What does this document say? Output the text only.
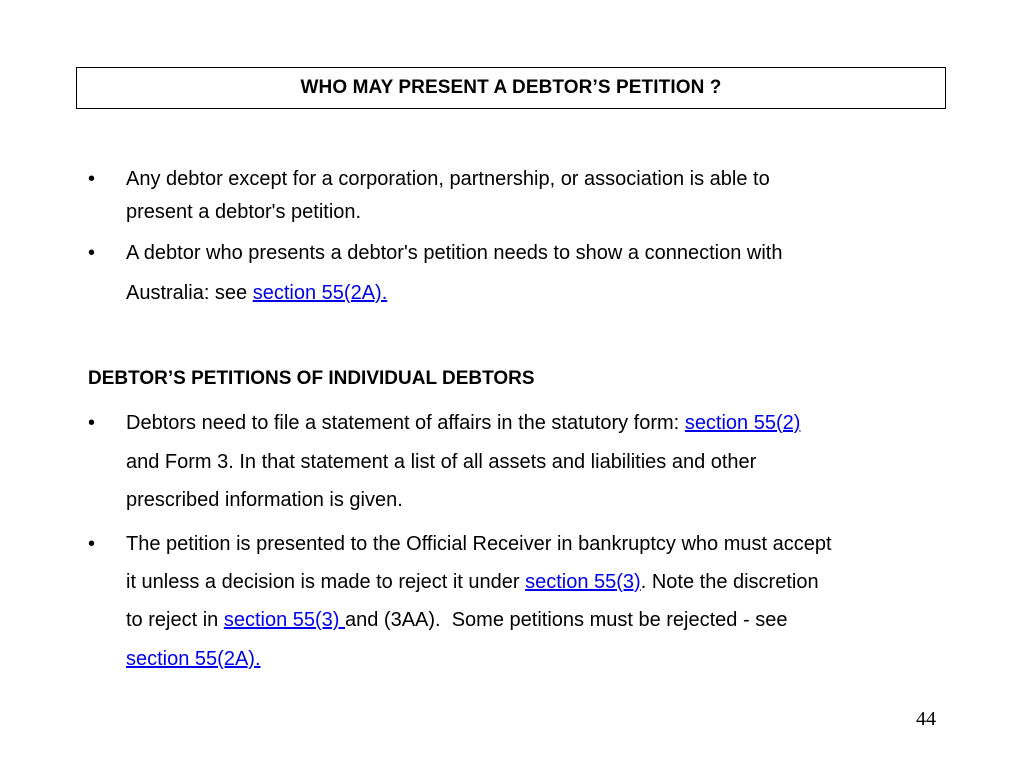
WHO MAY PRESENT A DEBTOR’S PETITION ?
• Any debtor except for a corporation, partnership, or association is able to
present a debtor's petition.
• A debtor who presents a debtor's petition needs to show a connection with
Australia: see section 55(2A).
DEBTOR’S PETITIONS OF INDIVIDUAL DEBTORS
• Debtors need to file a statement of affairs in the statutory form: section 55(2)
and Form 3. In that statement a list of all assets and liabilities and other
prescribed information is given.
• The petition is presented to the Official Receiver in bankruptcy who must accept
it unless a decision is made to reject it under section 55(3). Note the discretion
to reject in section 55(3) and (3AA).  Some petitions must be rejected - see
section 55(2A).
44
